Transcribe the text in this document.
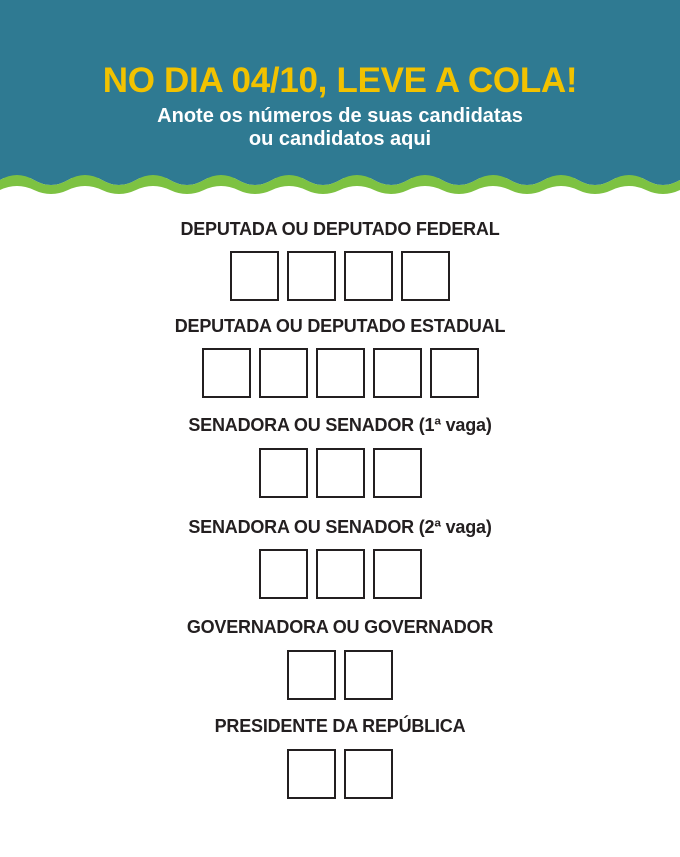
NO DIA 04/10, LEVE A COLA!

Anote os números de suas candidatas
ou candidatos aqui

DEPUTADA OU DEPUTADO FEDERAL
DEPUTADA OU DEPUTADO ESTADUAL
SENADORA OU SENADOR (1ª vaga)
SENADORA OU SENADOR (2ª vaga)
GOVERNADORA OU GOVERNADOR
PRESIDENTE DA REPÚBLICA
